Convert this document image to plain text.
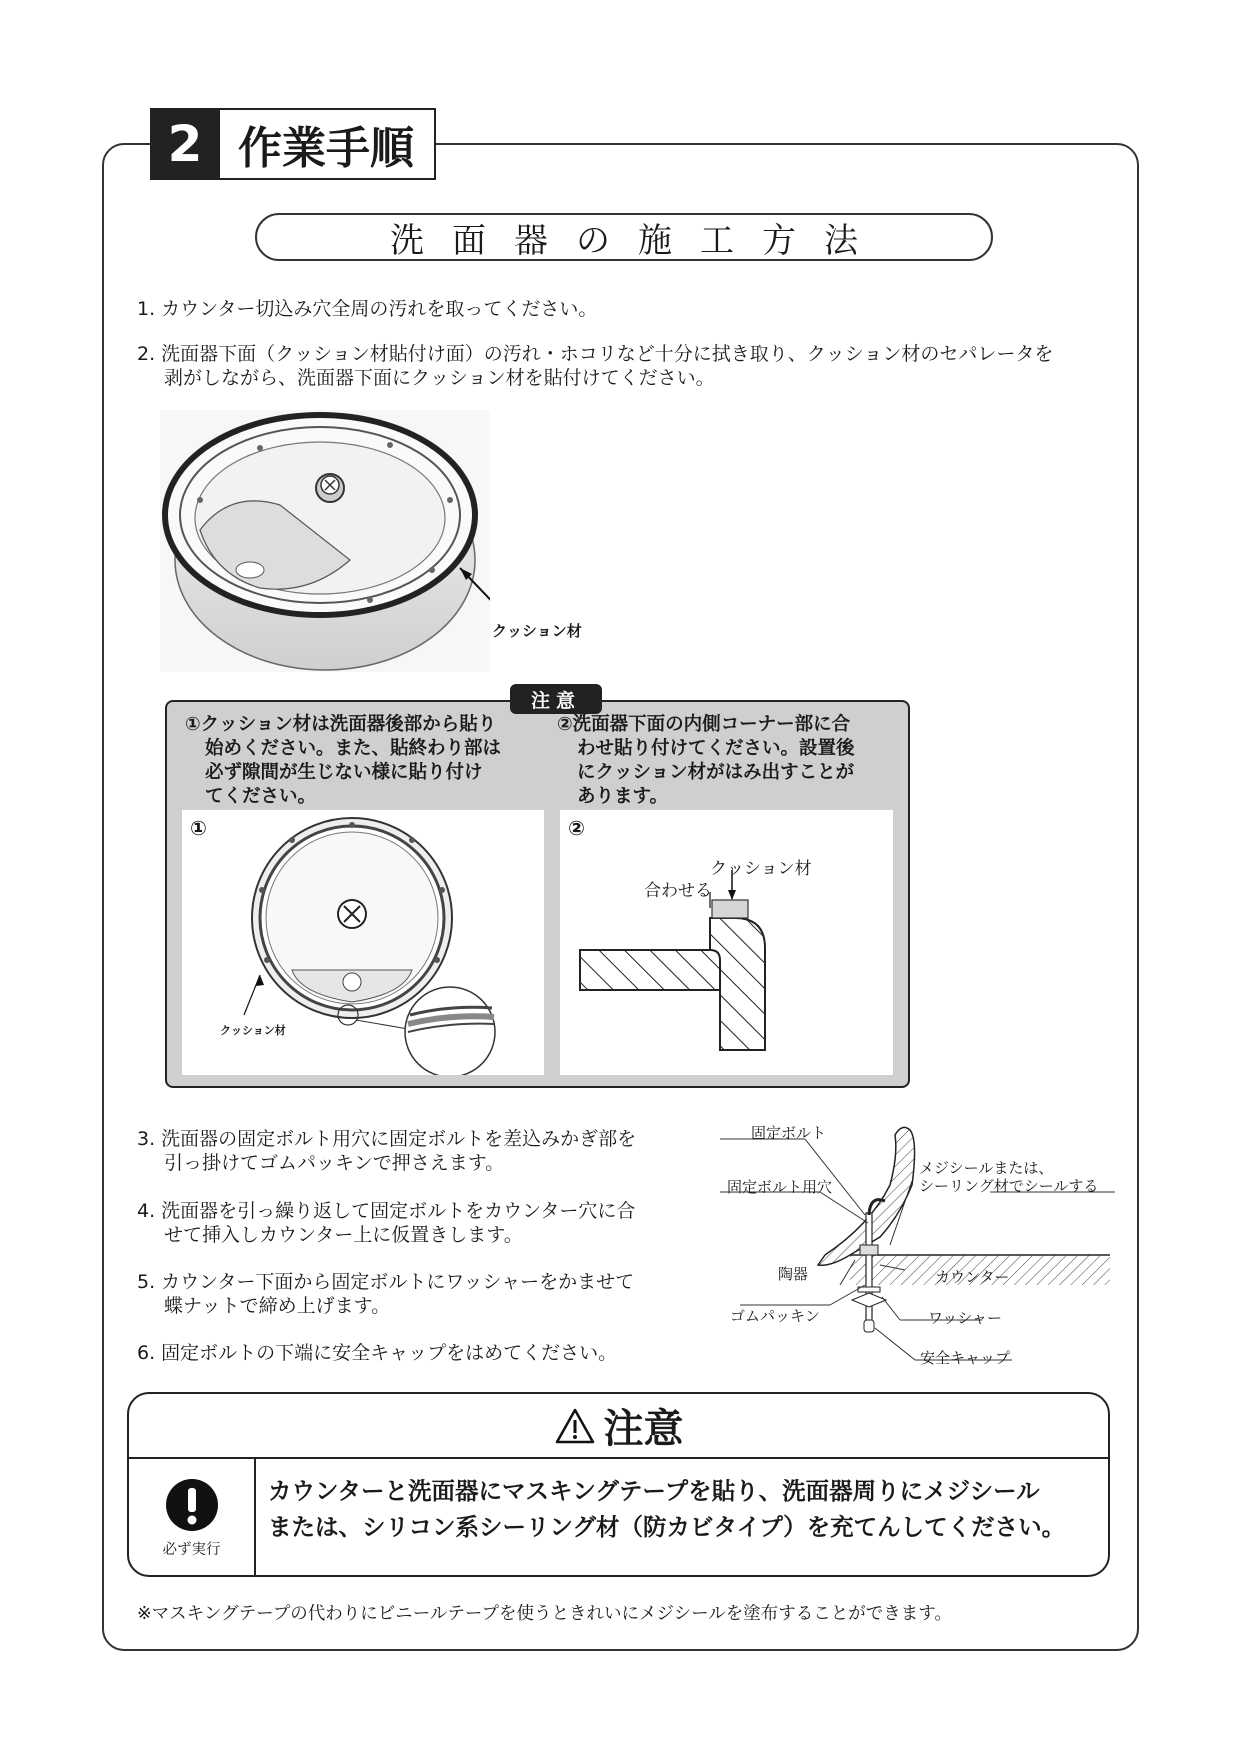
2 作業手順
洗面器の施工方法
1. カウンター切込み穴全周の汚れを取ってください。
2. 洗面器下面（クッション材貼付け面）の汚れ・ホコリなど十分に拭き取り、クッション材のセパレータを
剥がしながら、洗面器下面にクッション材を貼付けてください。
クッション材
注意
①クッション材は洗面器後部から貼り
始めください。また、貼終わり部は
必ず隙間が生じない様に貼り付け
てください。
②洗面器下面の内側コーナー部に合
わせ貼り付けてください。設置後
にクッション材がはみ出すことが
あります。
①
クッション材
②
クッション材
合わせる
3. 洗面器の固定ボルト用穴に固定ボルトを差込みかぎ部を
引っ掛けてゴムパッキンで押さえます。
4. 洗面器を引っ繰り返して固定ボルトをカウンター穴に合
せて挿入しカウンター上に仮置きします。
5. カウンター下面から固定ボルトにワッシャーをかませて
蝶ナットで締め上げます。
6. 固定ボルトの下端に安全キャップをはめてください。
固定ボルト
固定ボルト用穴
メジシールまたは、
シーリング材でシールする
陶器	カウンター
ゴムパッキン	ワッシャー
安全キャップ
注意
必ず実行
カウンターと洗面器にマスキングテープを貼り、洗面器周りにメジシール
または、シリコン系シーリング材（防カビタイプ）を充てんしてください。
※マスキングテープの代わりにビニールテープを使うときれいにメジシールを塗布することができます。
